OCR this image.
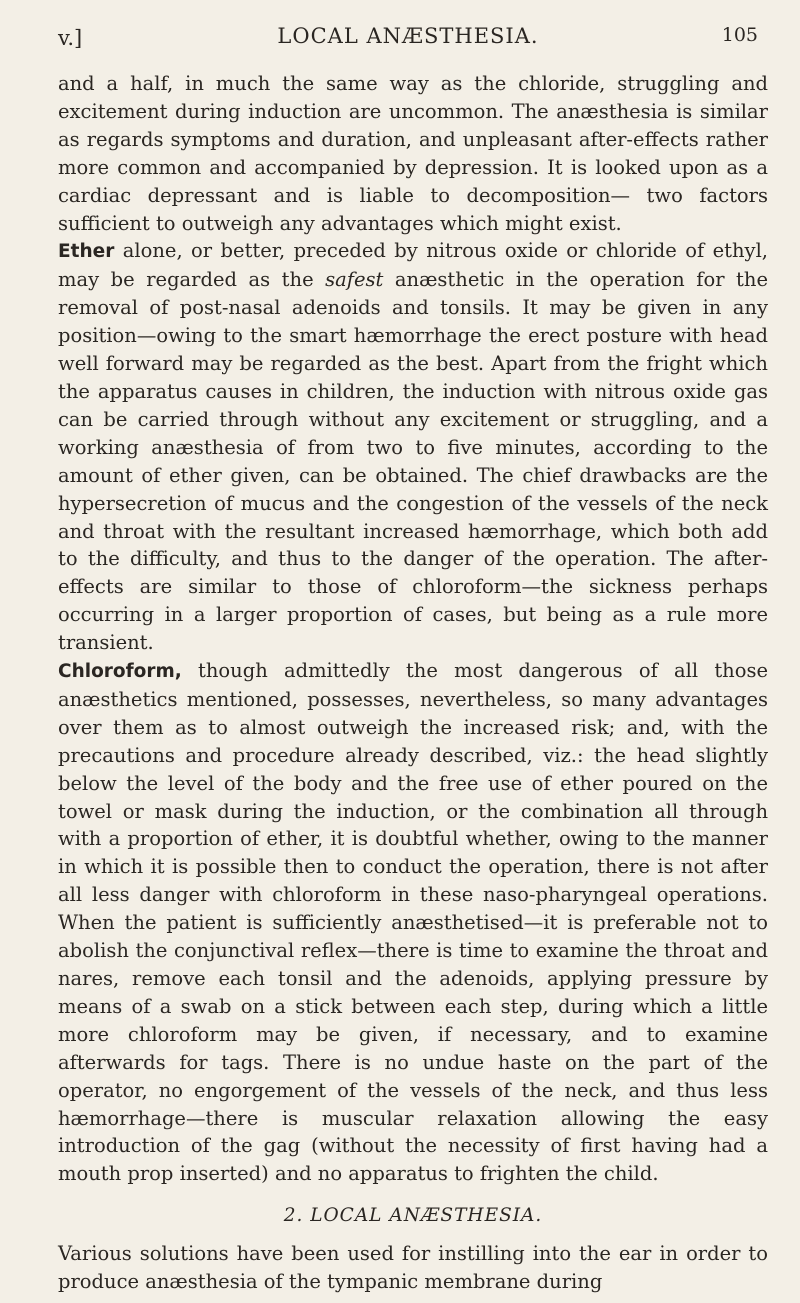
v.]	LOCAL ANÆSTHESIA.	105

and a half, in much the same way as the chloride, struggling and excitement during induction are uncommon. The anæsthesia is similar as regards symptoms and duration, and unpleasant after-effects rather more common and accompanied by depression. It is looked upon as a cardiac depressant and is liable to decomposition— two factors sufficient to outweigh any advantages which might exist.

Ether alone, or better, preceded by nitrous oxide or chloride of ethyl, may be regarded as the safest anæsthetic in the operation for the removal of post-nasal adenoids and tonsils. It may be given in any position—owing to the smart hæmorrhage the erect posture with head well forward may be regarded as the best. Apart from the fright which the apparatus causes in children, the induction with nitrous oxide gas can be carried through without any excitement or struggling, and a working anæsthesia of from two to five minutes, according to the amount of ether given, can be obtained. The chief drawbacks are the hypersecretion of mucus and the congestion of the vessels of the neck and throat with the resultant increased hæmorrhage, which both add to the difficulty, and thus to the danger of the operation. The after-effects are similar to those of chloroform—the sickness perhaps occurring in a larger proportion of cases, but being as a rule more transient.

Chloroform, though admittedly the most dangerous of all those anæsthetics mentioned, possesses, nevertheless, so many advantages over them as to almost outweigh the increased risk; and, with the precautions and procedure already described, viz.: the head slightly below the level of the body and the free use of ether poured on the towel or mask during the induction, or the combination all through with a proportion of ether, it is doubtful whether, owing to the manner in which it is possible then to conduct the operation, there is not after all less danger with chloroform in these naso-pharyngeal operations. When the patient is sufficiently anæsthetised—it is preferable not to abolish the conjunctival reflex—there is time to examine the throat and nares, remove each tonsil and the adenoids, applying pressure by means of a swab on a stick between each step, during which a little more chloroform may be given, if necessary, and to examine afterwards for tags. There is no undue haste on the part of the operator, no engorgement of the vessels of the neck, and thus less hæmorrhage—there is muscular relaxation allowing the easy introduction of the gag (without the necessity of first having had a mouth prop inserted) and no apparatus to frighten the child.

2. LOCAL ANÆSTHESIA.

Various solutions have been used for instilling into the ear in order to produce anæsthesia of the tympanic membrane during
